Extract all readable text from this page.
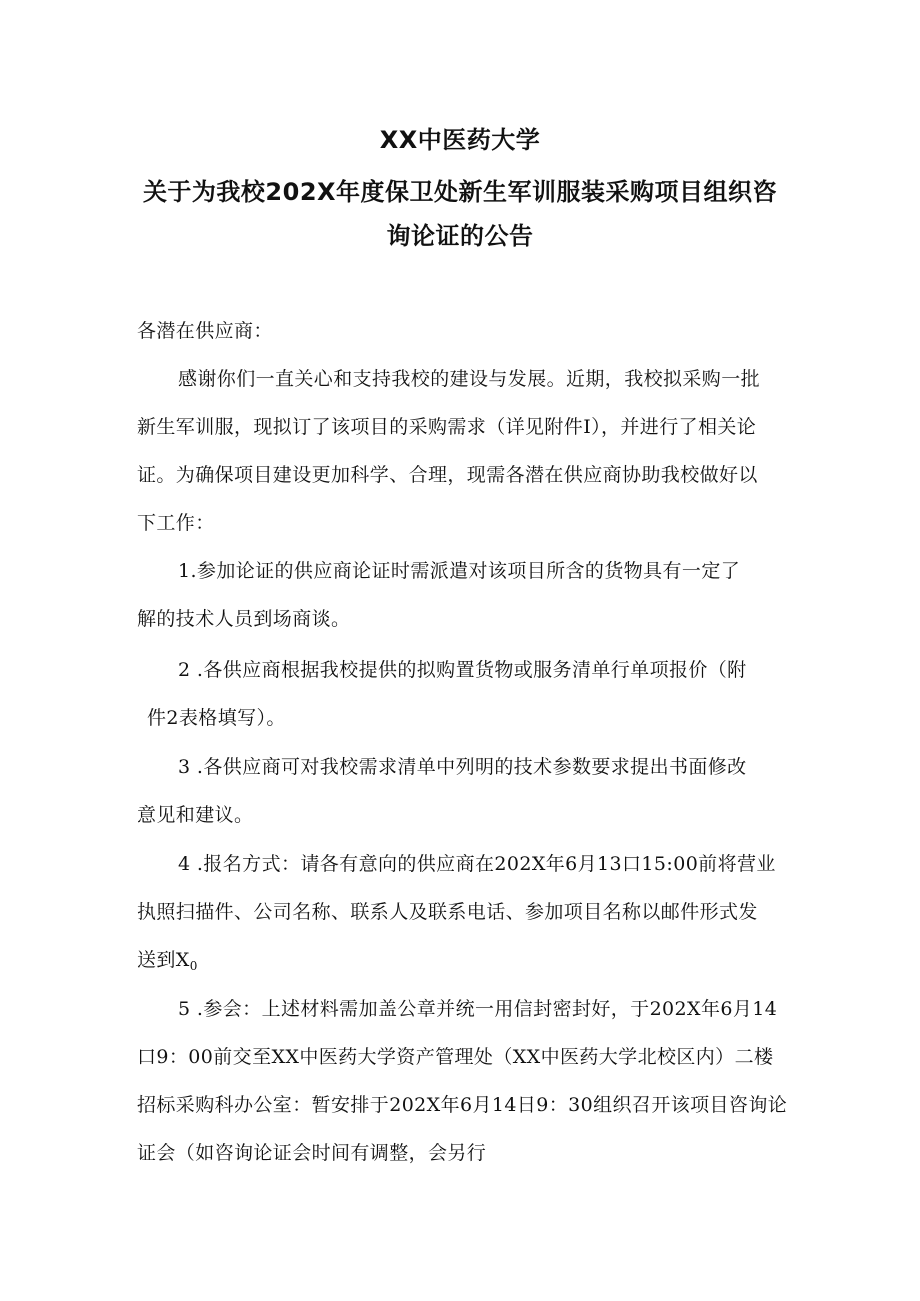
XX中医药大学
关于为我校202X年度保卫处新生军训服装采购项目组织咨
询论证的公告
各潜在供应商：
感谢你们一直关心和支持我校的建设与发展。近期，我校拟采购一批
新生军训服，现拟订了该项目的采购需求（详见附件I），并进行了相关论
证。为确保项目建设更加科学、合理，现需各潜在供应商协助我校做好以
下工作：
1.参加论证的供应商论证时需派遣对该项目所含的货物具有一定了
解的技术人员到场商谈。
2 .各供应商根据我校提供的拟购置货物或服务清单行单项报价（附
件2表格填写）。
3 .各供应商可对我校需求清单中列明的技术参数要求提出书面修改
意见和建议。
4 .报名方式：请各有意向的供应商在202X年6月13口15:00前将营业
执照扫描件、公司名称、联系人及联系电话、参加项目名称以邮件形式发
送到$X_0$
5 .参会：上述材料需加盖公章并统一用信封密封好，于202X年6月14
口9：00前交至XX中医药大学资产管理处（XX中医药大学北校区内）二楼
招标采购科办公室：暂安排于202X年6月14日9：30组织召开该项目咨询论
证会（如咨询论证会时间有调整，会另行
